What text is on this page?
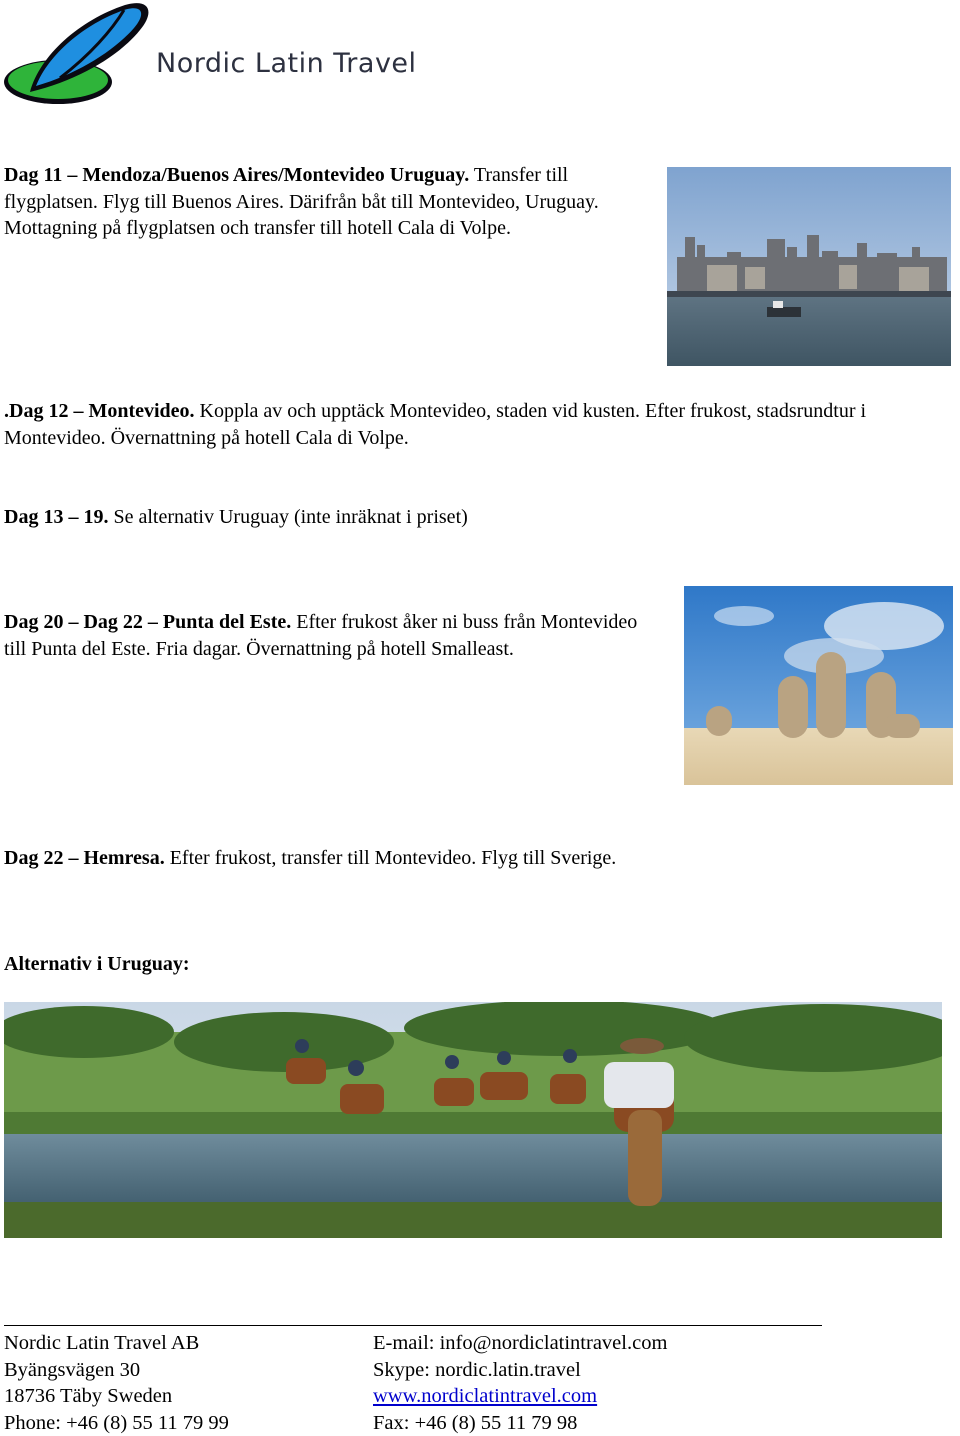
Nordic Latin Travel
Dag 11 – Mendoza/Buenos Aires/Montevideo Uruguay. Transfer till flygplatsen. Flyg till Buenos Aires. Därifrån båt till Montevideo, Uruguay. Mottagning på flygplatsen och transfer till hotell Cala di Volpe.
.Dag 12 – Montevideo. Koppla av och upptäck Montevideo, staden vid kusten. Efter frukost, stadsrundtur i Montevideo. Övernattning på hotell Cala di Volpe.
Dag 13 – 19. Se alternativ Uruguay (inte inräknat i priset)
Dag 20 – Dag 22 – Punta del Este. Efter frukost åker ni buss från Montevideo till Punta del Este. Fria dagar. Övernattning på hotell Smalleast.
Dag 22 – Hemresa. Efter frukost, transfer till Montevideo. Flyg till Sverige.
Alternativ i Uruguay:
Nordic Latin Travel AB
Byängsvägen 30
18736 Täby Sweden
Phone: +46 (8) 55 11 79 99
E-mail: info@nordiclatintravel.com
Skype: nordic.latin.travel
www.nordiclatintravel.com
Fax: +46 (8) 55 11 79 98
